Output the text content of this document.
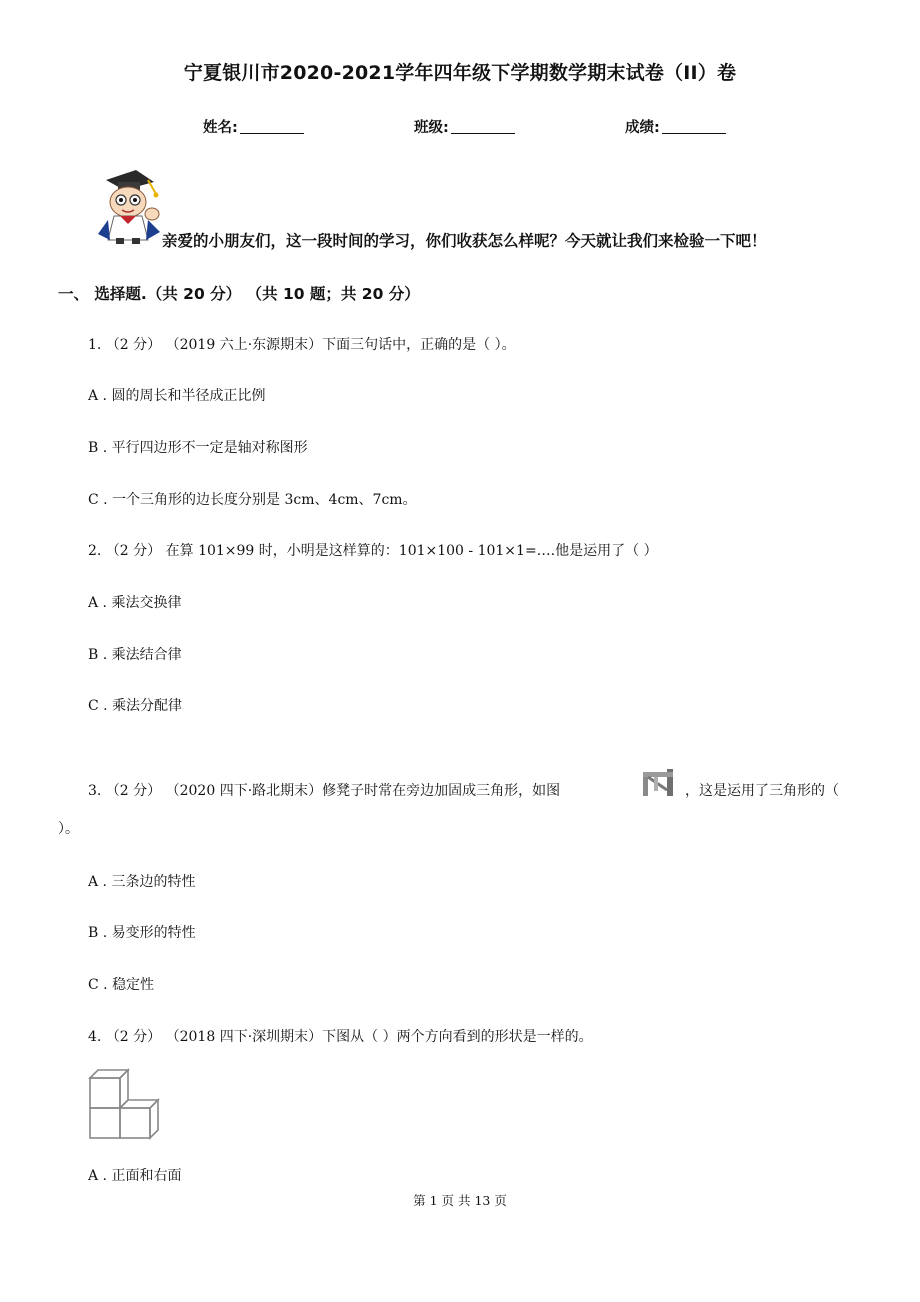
宁夏银川市2020-2021学年四年级下学期数学期末试卷（II）卷
姓名:	班级:	成绩:
亲爱的小朋友们，这一段时间的学习，你们收获怎么样呢？今天就让我们来检验一下吧！
一、 选择题.（共 20 分） （共 10 题；共 20 分）
1. （2 分） （2019 六上·东源期末）下面三句话中，正确的是（ ）。
A . 圆的周长和半径成正比例
B . 平行四边形不一定是轴对称图形
C . 一个三角形的边长度分别是 3cm、4cm、7cm。
2. （2 分） 在算 101×99 时，小明是这样算的：101×100 - 101×1=….他是运用了（ ）
A . 乘法交换律
B . 乘法结合律
C . 乘法分配律
3. （2 分） （2020 四下·路北期末）修凳子时常在旁边加固成三角形，如图	，这是运用了三角形的（
）。
A . 三条边的特性
B . 易变形的特性
C . 稳定性
4. （2 分） （2018 四下·深圳期末）下图从（ ）两个方向看到的形状是一样的。
A . 正面和右面
第 1 页 共 13 页
